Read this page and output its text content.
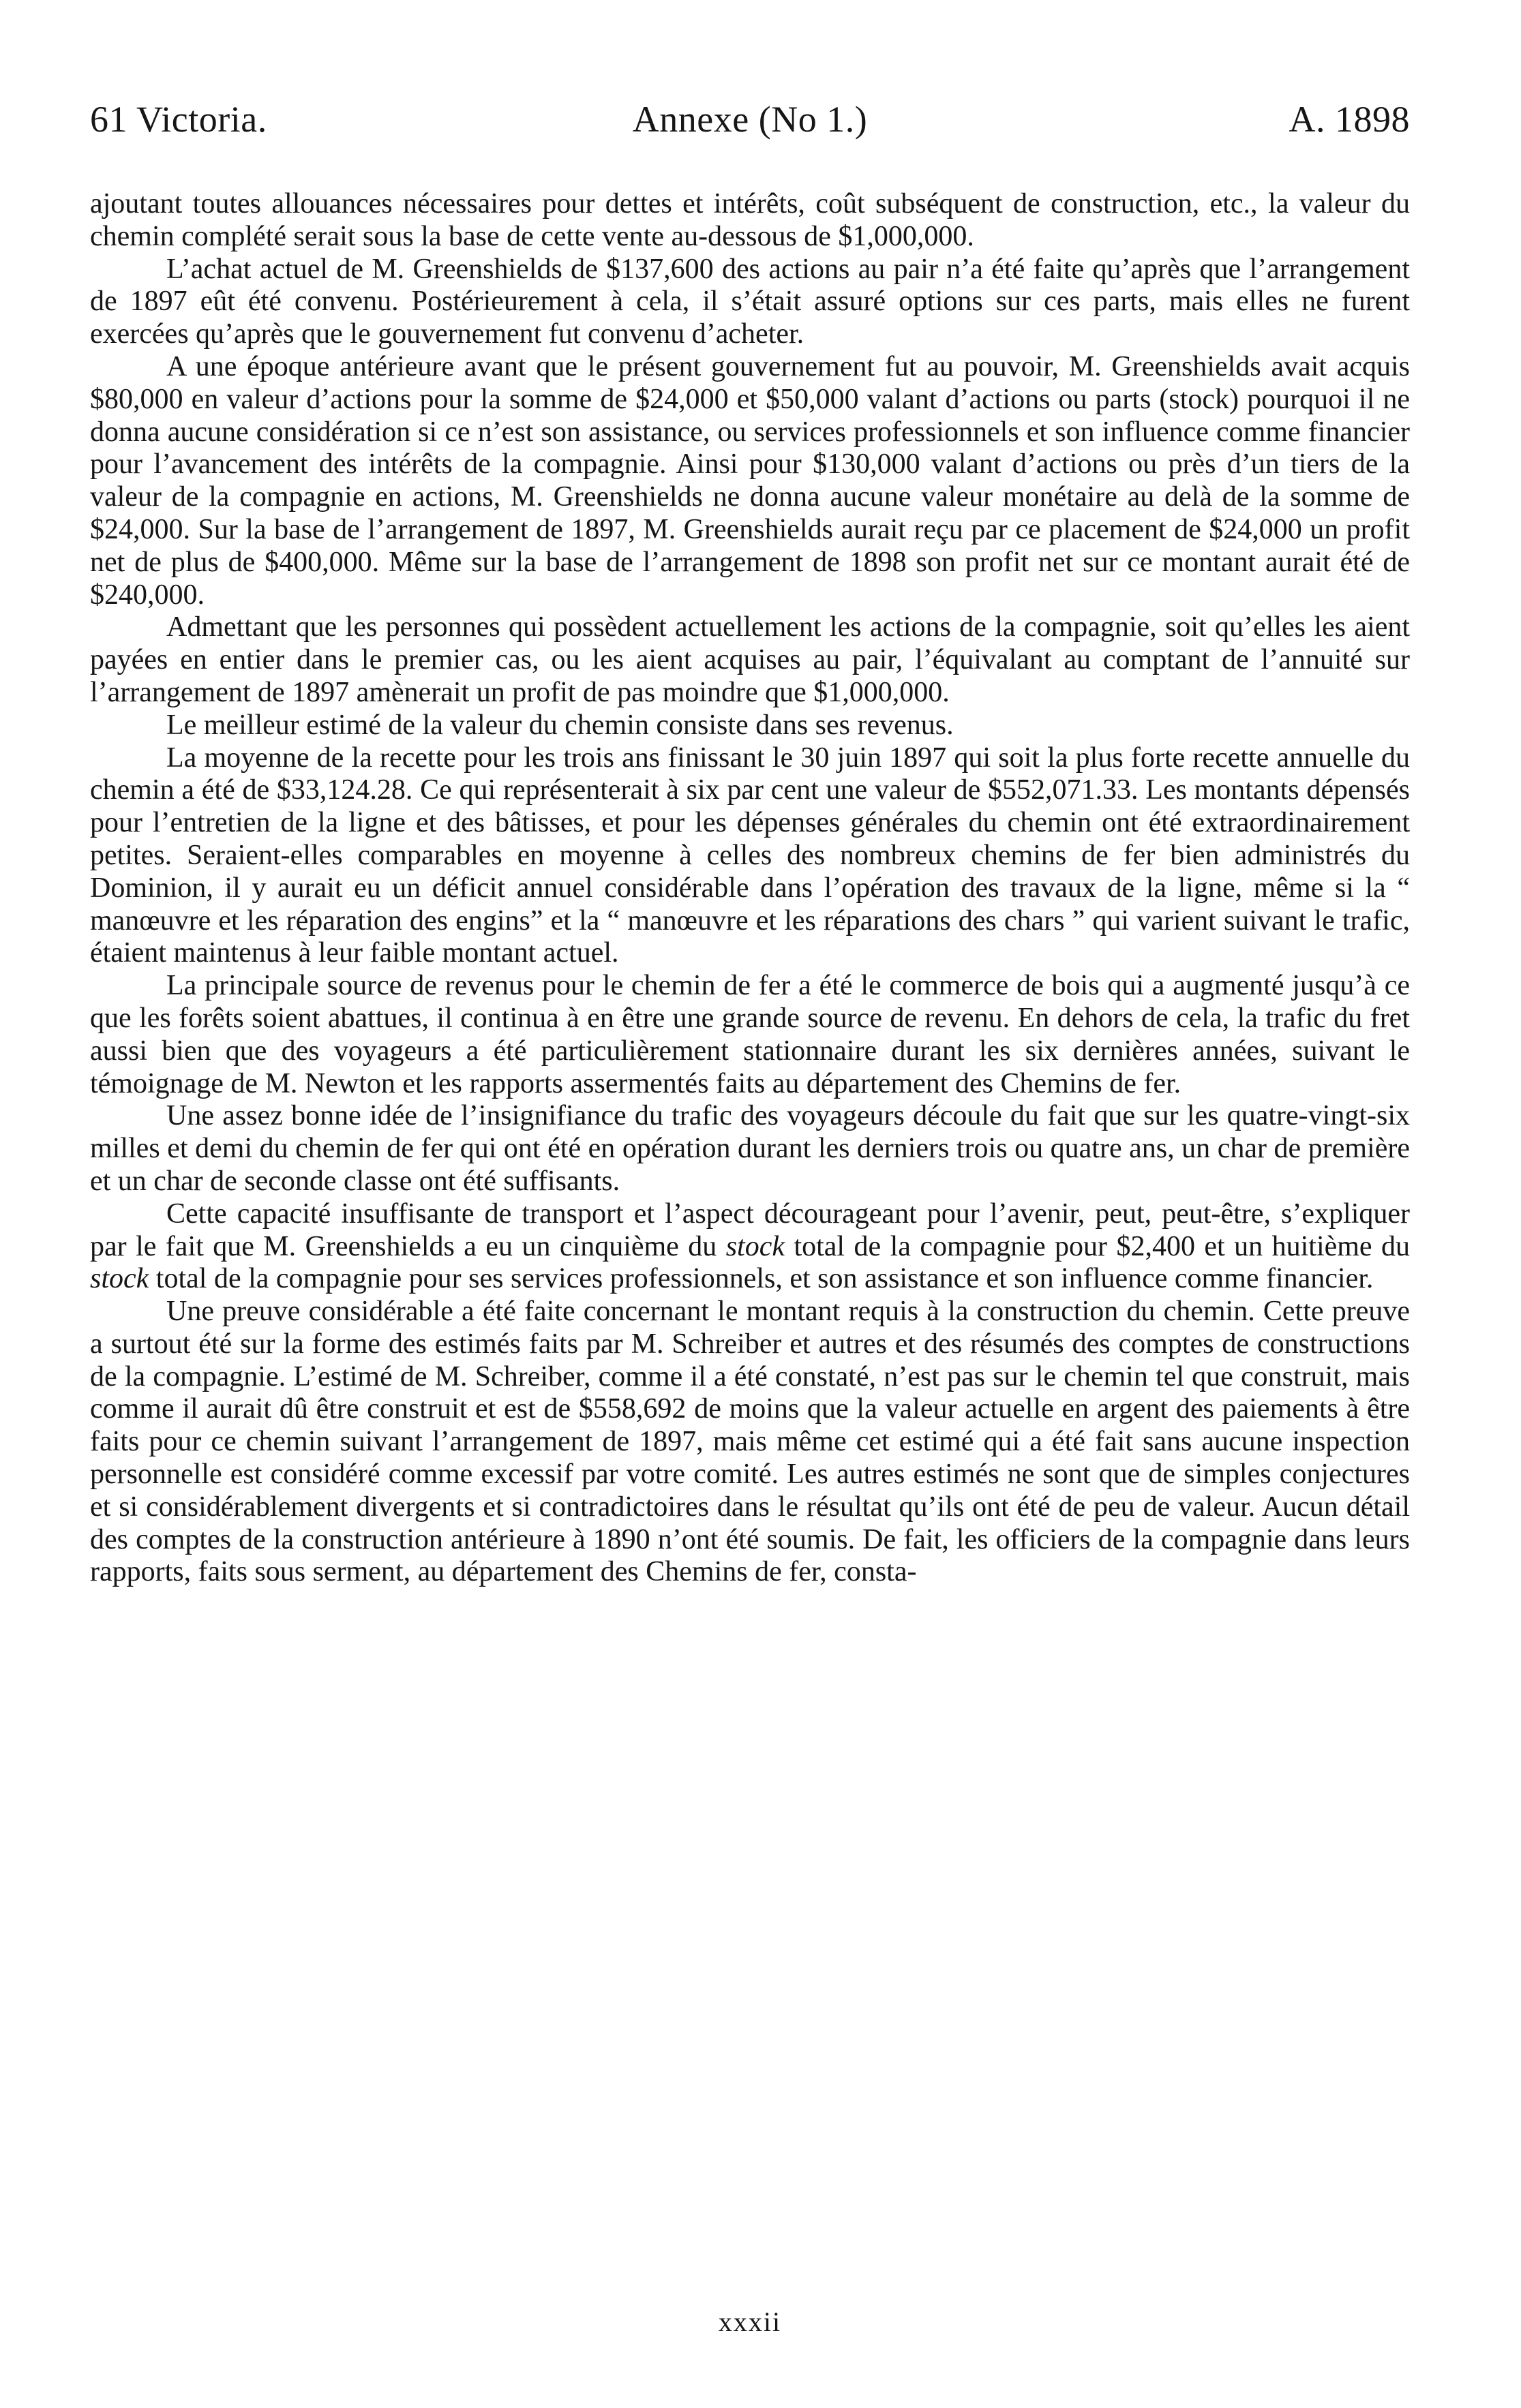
61 Victoria.	Annexe (No 1.)	A. 1898

ajoutant toutes allouances nécessaires pour dettes et intérêts, coût subséquent de construction, etc., la valeur du chemin complété serait sous la base de cette vente au-dessous de $1,000,000.

L’achat actuel de M. Greenshields de $137,600 des actions au pair n’a été faite qu’après que l’arrangement de 1897 eût été convenu. Postérieurement à cela, il s’était assuré options sur ces parts, mais elles ne furent exercées qu’après que le gouvernement fut convenu d’acheter.

A une époque antérieure avant que le présent gouvernement fut au pouvoir, M. Greenshields avait acquis $80,000 en valeur d’actions pour la somme de $24,000 et $50,000 valant d’actions ou parts (stock) pourquoi il ne donna aucune considération si ce n’est son assistance, ou services professionnels et son influence comme financier pour l’avancement des intérêts de la compagnie. Ainsi pour $130,000 valant d’actions ou près d’un tiers de la valeur de la compagnie en actions, M. Greenshields ne donna aucune valeur monétaire au delà de la somme de $24,000. Sur la base de l’arrangement de 1897, M. Greenshields aurait reçu par ce placement de $24,000 un profit net de plus de $400,000. Même sur la base de l’arrangement de 1898 son profit net sur ce montant aurait été de $240,000.

Admettant que les personnes qui possèdent actuellement les actions de la compagnie, soit qu’elles les aient payées en entier dans le premier cas, ou les aient acquises au pair, l’équivalant au comptant de l’annuité sur l’arrangement de 1897 amènerait un profit de pas moindre que $1,000,000.

Le meilleur estimé de la valeur du chemin consiste dans ses revenus.

La moyenne de la recette pour les trois ans finissant le 30 juin 1897 qui soit la plus forte recette annuelle du chemin a été de $33,124.28. Ce qui représenterait à six par cent une valeur de $552,071.33. Les montants dépensés pour l’entretien de la ligne et des bâtisses, et pour les dépenses générales du chemin ont été extraordinairement petites. Seraient-elles comparables en moyenne à celles des nombreux chemins de fer bien administrés du Dominion, il y aurait eu un déficit annuel considérable dans l’opération des travaux de la ligne, même si la “ manœuvre et les réparation des engins” et la “ manœuvre et les réparations des chars ” qui varient suivant le trafic, étaient maintenus à leur faible montant actuel.

La principale source de revenus pour le chemin de fer a été le commerce de bois qui a augmenté jusqu’à ce que les forêts soient abattues, il continua à en être une grande source de revenu. En dehors de cela, la trafic du fret aussi bien que des voyageurs a été particulièrement stationnaire durant les six dernières années, suivant le témoignage de M. Newton et les rapports assermentés faits au département des Chemins de fer.

Une assez bonne idée de l’insignifiance du trafic des voyageurs découle du fait que sur les quatre-vingt-six milles et demi du chemin de fer qui ont été en opération durant les derniers trois ou quatre ans, un char de première et un char de seconde classe ont été suffisants.

Cette capacité insuffisante de transport et l’aspect décourageant pour l’avenir, peut, peut-être, s’expliquer par le fait que M. Greenshields a eu un cinquième du stock total de la compagnie pour $2,400 et un huitième du stock total de la compagnie pour ses services professionnels, et son assistance et son influence comme financier.

Une preuve considérable a été faite concernant le montant requis à la construction du chemin. Cette preuve a surtout été sur la forme des estimés faits par M. Schreiber et autres et des résumés des comptes de constructions de la compagnie. L’estimé de M. Schreiber, comme il a été constaté, n’est pas sur le chemin tel que construit, mais comme il aurait dû être construit et est de $558,692 de moins que la valeur actuelle en argent des paiements à être faits pour ce chemin suivant l’arrangement de 1897, mais même cet estimé qui a été fait sans aucune inspection personnelle est considéré comme excessif par votre comité. Les autres estimés ne sont que de simples conjectures et si considérablement divergents et si contradictoires dans le résultat qu’ils ont été de peu de valeur. Aucun détail des comptes de la construction antérieure à 1890 n’ont été soumis. De fait, les officiers de la compagnie dans leurs rapports, faits sous serment, au département des Chemins de fer, consta-

xxxii
